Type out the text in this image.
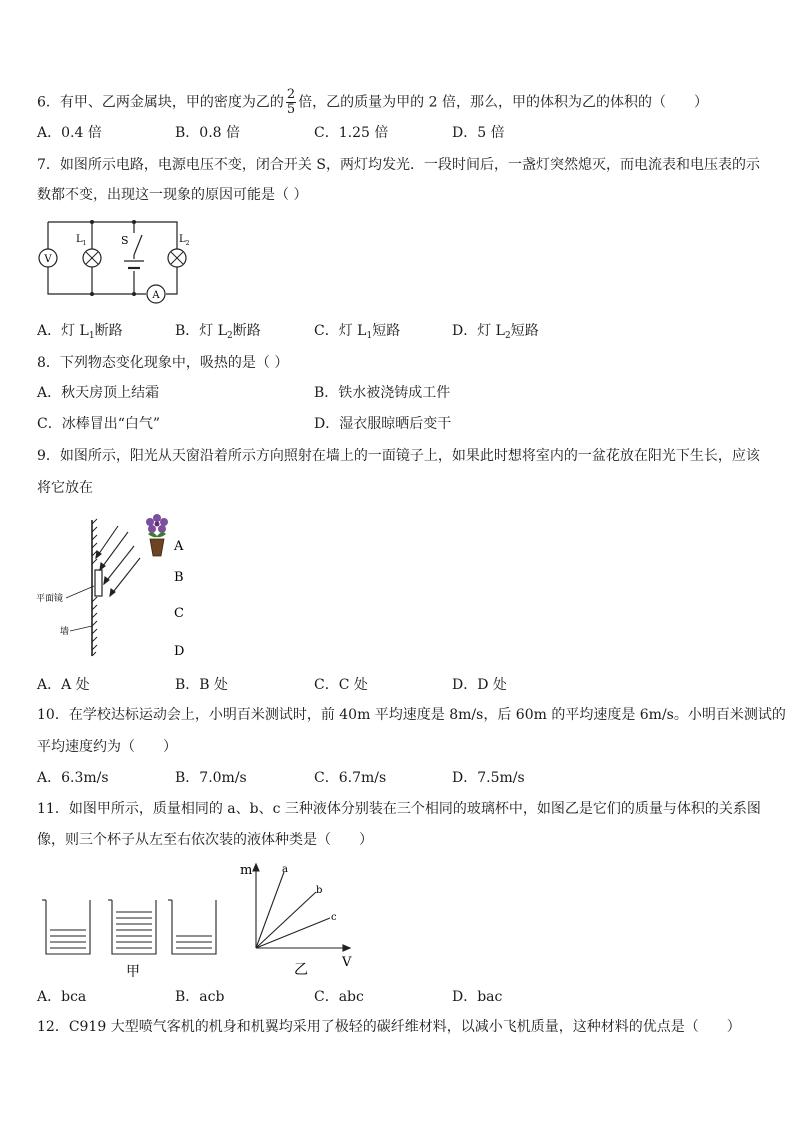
6．有甲、乙两金属块，甲的密度为乙的 $\frac{2}{5}$ 倍，乙的质量为甲的 2 倍，那么，甲的体积为乙的体积的（　　）
A．0.4 倍	B．0.8 倍	C．1.25 倍	D．5 倍
7．如图所示电路，电源电压不变，闭合开关 S，两灯均发光．一段时间后，一盏灯突然熄灭，而电流表和电压表的示
数都不变，出现这一现象的原因可能是（ ）
V
$L_1$	S	$L_2$
A
A．灯 $L_1$断路	B．灯 $L_2$断路	C．灯 $L_1$短路	D．灯 $L_2$短路
8．下列物态变化现象中，吸热的是（ ）
A．秋天房顶上结霜	B．铁水被浇铸成工件
C．冰棒冒出“白气”	D．湿衣服晾晒后变干
9．如图所示，阳光从天窗沿着所示方向照射在墙上的一面镜子上，如果此时想将室内的一盆花放在阳光下生长，应该
将它放在
A
B
C
D
平面镜
墙
A．A 处	B．B 处	C．C 处	D．D 处
10．在学校达标运动会上，小明百米测试时，前 40m 平均速度是 8m/s，后 60m 的平均速度是 6m/s。小明百米测试的
平均速度约为（　　）
A．6.3m/s	B．7.0m/s	C．6.7m/s	D．7.5m/s
11．如图甲所示，质量相同的 a、b、c 三种液体分别装在三个相同的玻璃杯中，如图乙是它们的质量与体积的关系图
像，则三个杯子从左至右依次装的液体种类是（　　）
甲
m
V
a
b
c
乙
A．bca	B．acb	C．abc	D．bac
12．C919 大型喷气客机的机身和机翼均采用了极轻的碳纤维材料，以减小飞机质量，这种材料的优点是（　　）
